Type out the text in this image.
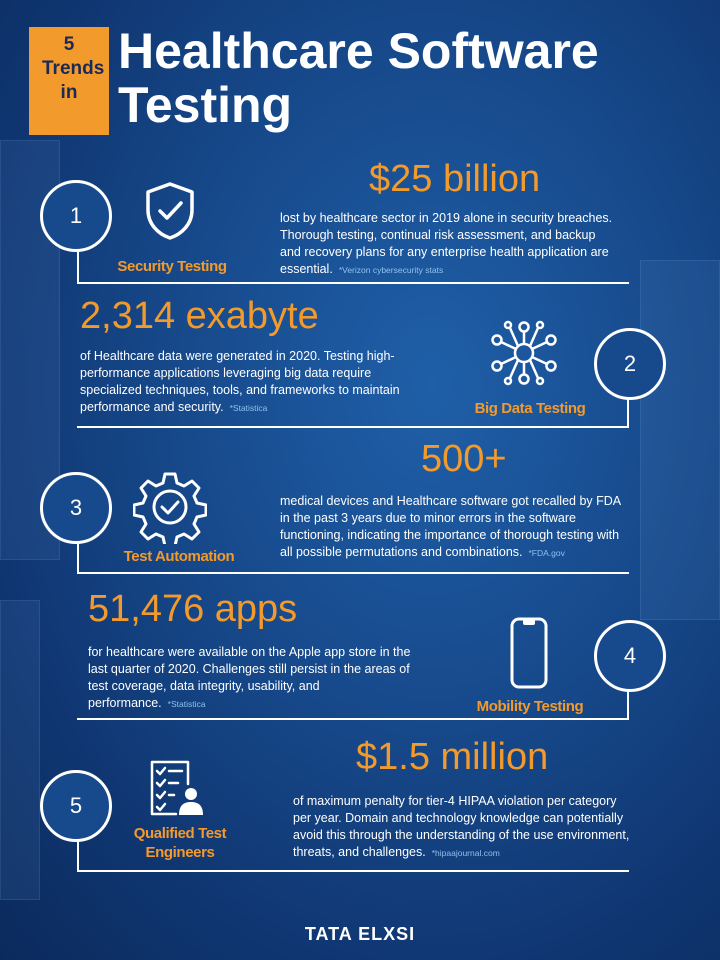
5 Trends in
Healthcare Software
Testing
1
Security Testing
$25 billion
lost by healthcare sector in 2019 alone in security breaches. Thorough testing, continual risk assessment, and backup and recovery plans for any enterprise health application are essential. *Verizon cybersecurity stats
2
2,314 exabyte
of Healthcare data were generated in 2020. Testing high-performance applications leveraging big data require specialized techniques, tools, and frameworks to maintain performance and security. *Statistica	Big Data Testing
3
Test Automation
500+
medical devices and Healthcare software got recalled by FDA in the past 3 years due to minor errors in the software functioning, indicating the importance of thorough testing with all possible permutations and combinations. *FDA.gov
4
51,476 apps
for healthcare were available on the Apple app store in the last quarter of 2020. Challenges still persist in the areas of test coverage, data integrity, usability, and performance. *Statistica	Mobility Testing
5
Qualified Test
Engineers
$1.5 million
of maximum penalty for tier-4 HIPAA violation per category per year. Domain and technology knowledge can potentially avoid this through the understanding of the use environment, threats, and challenges. *hipaajournal.com
TATA ELXSI
